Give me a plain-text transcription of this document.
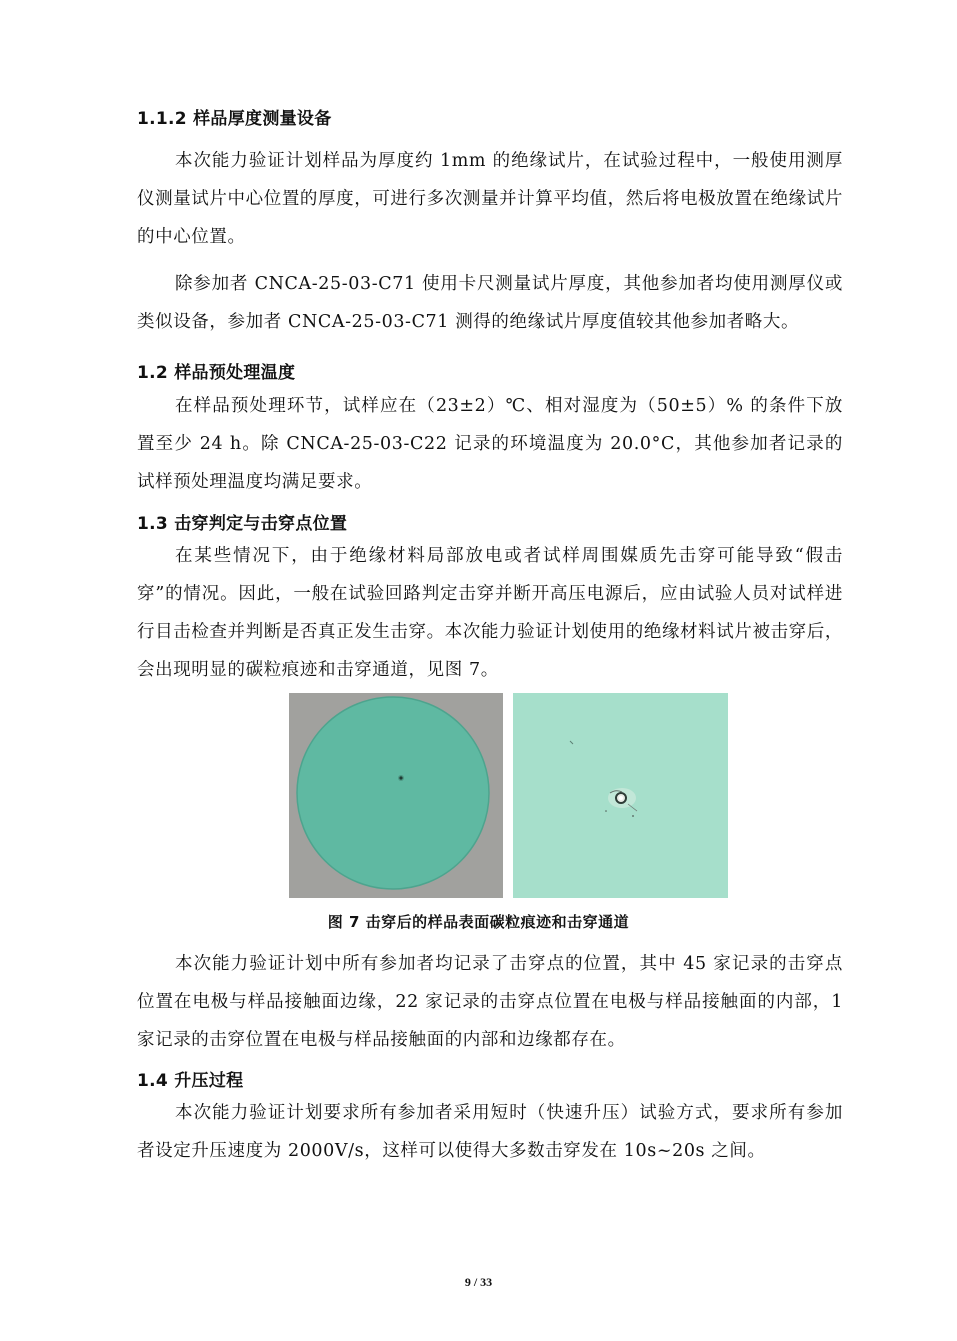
1.1.2 样品厚度测量设备

本次能力验证计划样品为厚度约 1mm 的绝缘试片，在试验过程中，一般使用测厚仪测量试片中心位置的厚度，可进行多次测量并计算平均值，然后将电极放置在绝缘试片的中心位置。

除参加者 CNCA-25-03-C71 使用卡尺测量试片厚度，其他参加者均使用测厚仪或类似设备，参加者 CNCA-25-03-C71 测得的绝缘试片厚度值较其他参加者略大。

1.2 样品预处理温度

在样品预处理环节，试样应在（23±2）℃、相对湿度为（50±5）% 的条件下放置至少 24 h。除 CNCA-25-03-C22 记录的环境温度为 20.0°C，其他参加者记录的试样预处理温度均满足要求。

1.3 击穿判定与击穿点位置

在某些情况下，由于绝缘材料局部放电或者试样周围媒质先击穿可能导致“假击穿”的情况。因此，一般在试验回路判定击穿并断开高压电源后，应由试验人员对试样进行目击检查并判断是否真正发生击穿。本次能力验证计划使用的绝缘材料试片被击穿后，会出现明显的碳粒痕迹和击穿通道，见图 7。

图 7 击穿后的样品表面碳粒痕迹和击穿通道

本次能力验证计划中所有参加者均记录了击穿点的位置，其中 45 家记录的击穿点位置在电极与样品接触面边缘，22 家记录的击穿点位置在电极与样品接触面的内部，1 家记录的击穿位置在电极与样品接触面的内部和边缘都存在。

1.4 升压过程

本次能力验证计划要求所有参加者采用短时（快速升压）试验方式，要求所有参加者设定升压速度为 2000V/s，这样可以使得大多数击穿发在 10s~20s 之间。

9 / 33
